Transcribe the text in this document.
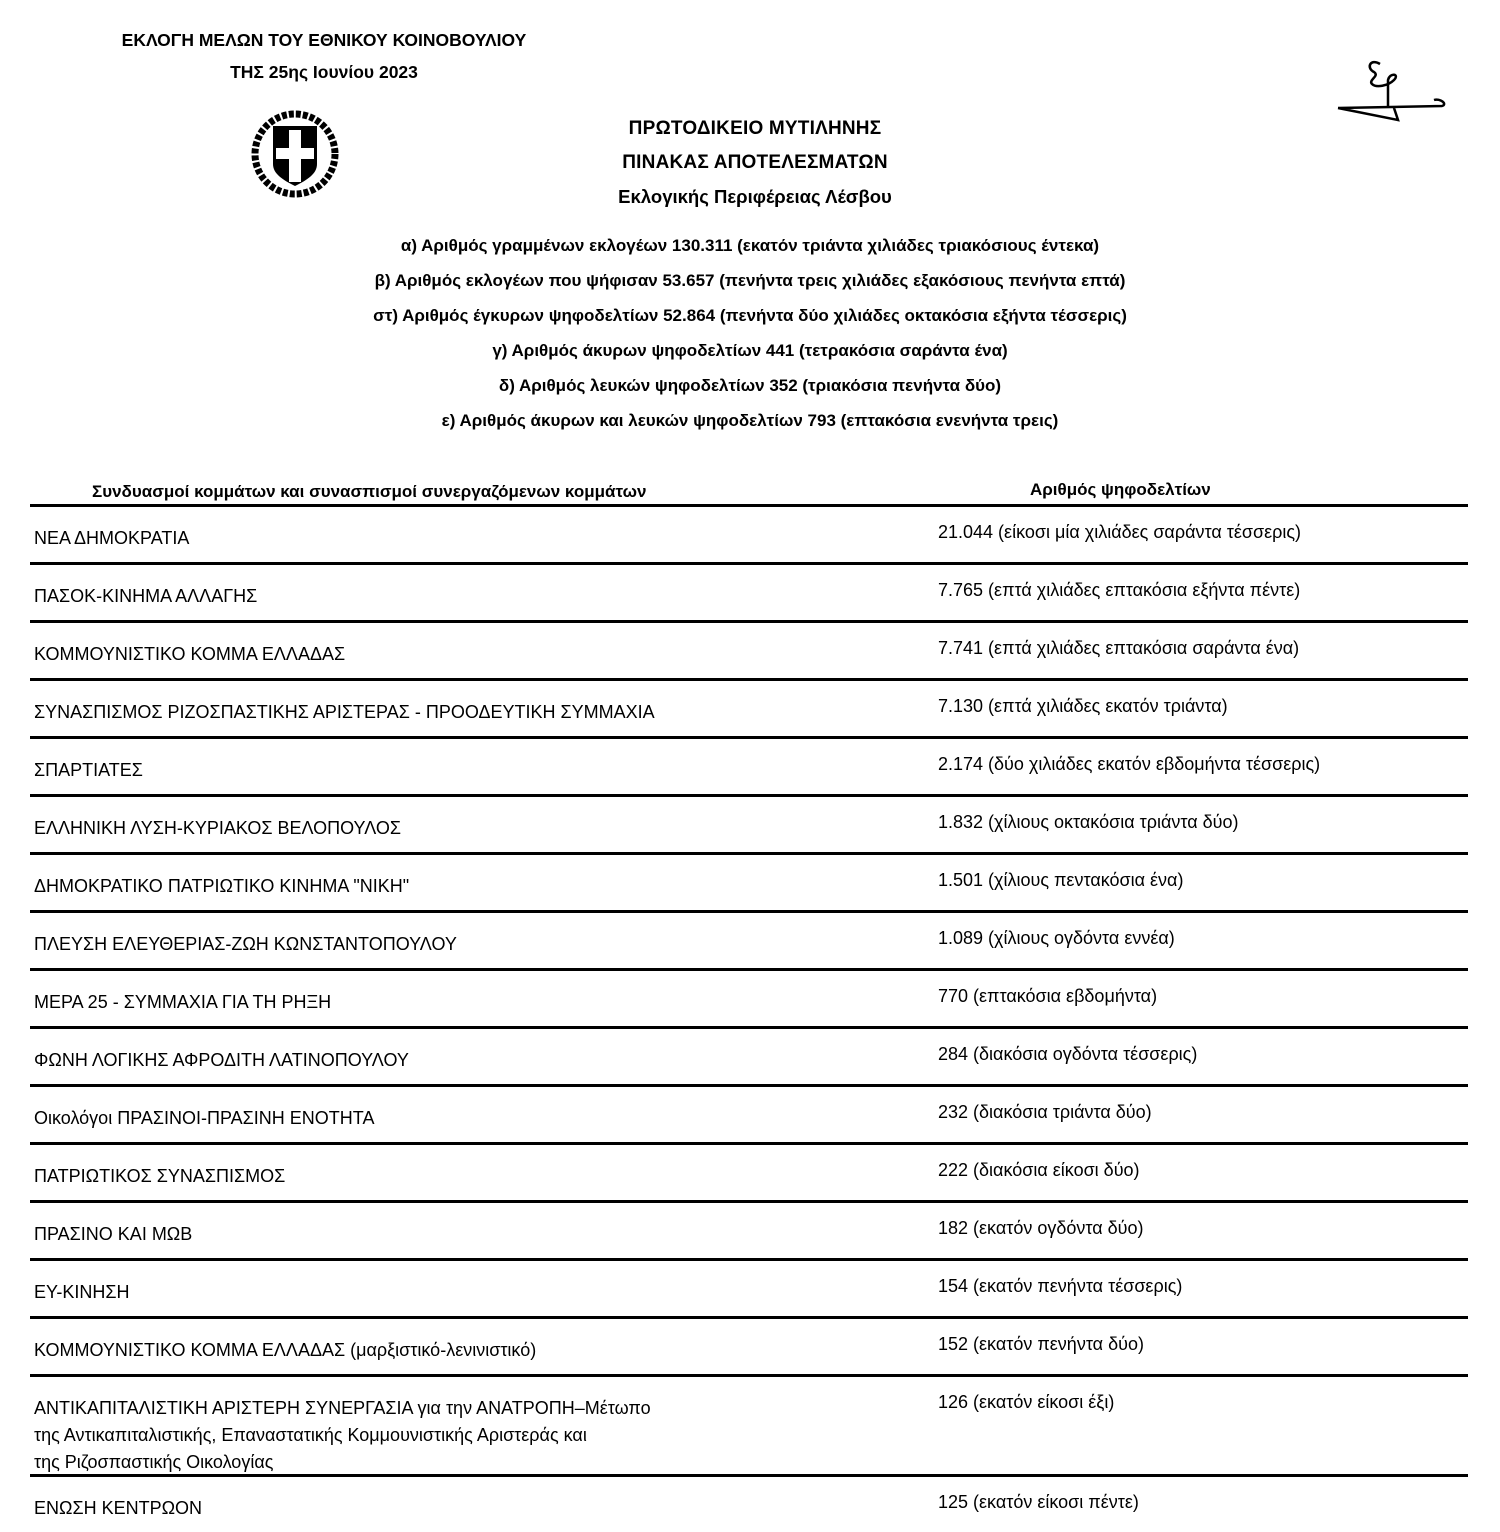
ΕΚΛΟΓΗ ΜΕΛΩΝ ΤΟΥ ΕΘΝΙΚΟΥ ΚΟΙΝΟΒΟΥΛΙΟΥ
ΤΗΣ 25ης Ιουνίου 2023
ΠΡΩΤΟΔΙΚΕΙΟ ΜΥΤΙΛΗΝΗΣ
ΠΙΝΑΚΑΣ ΑΠΟΤΕΛΕΣΜΑΤΩΝ
Εκλογικής Περιφέρειας Λέσβου
α) Αριθμός γραμμένων εκλογέων 130.311 (εκατόν τριάντα χιλιάδες τριακόσιους έντεκα)
β) Αριθμός εκλογέων που ψήφισαν 53.657 (πενήντα τρεις χιλιάδες εξακόσιους πενήντα επτά)
στ) Αριθμός έγκυρων ψηφοδελτίων 52.864 (πενήντα δύο χιλιάδες οκτακόσια εξήντα τέσσερις)
γ) Αριθμός άκυρων ψηφοδελτίων 441 (τετρακόσια σαράντα ένα)
δ) Αριθμός λευκών ψηφοδελτίων 352 (τριακόσια πενήντα δύο)
ε) Αριθμός άκυρων και λευκών ψηφοδελτίων 793 (επτακόσια ενενήντα τρεις)
Συνδυασμοί κομμάτων και συνασπισμοί συνεργαζόμενων κομμάτων	Αριθμός ψηφοδελτίων
ΝΕΑ ΔΗΜΟΚΡΑΤΙΑ	21.044 (είκοσι μία χιλιάδες σαράντα τέσσερις)
ΠΑΣΟΚ-ΚΙΝΗΜΑ ΑΛΛΑΓΗΣ	7.765 (επτά χιλιάδες επτακόσια εξήντα πέντε)
ΚΟΜΜΟΥΝΙΣΤΙΚΟ ΚΟΜΜΑ ΕΛΛΑΔΑΣ	7.741 (επτά χιλιάδες επτακόσια σαράντα ένα)
ΣΥΝΑΣΠΙΣΜΟΣ ΡΙΖΟΣΠΑΣΤΙΚΗΣ ΑΡΙΣΤΕΡΑΣ - ΠΡΟΟΔΕΥΤΙΚΗ ΣΥΜΜΑΧΙΑ	7.130 (επτά χιλιάδες εκατόν τριάντα)
ΣΠΑΡΤΙΑΤΕΣ	2.174 (δύο χιλιάδες εκατόν εβδομήντα τέσσερις)
ΕΛΛΗΝΙΚΗ ΛΥΣΗ-ΚΥΡΙΑΚΟΣ ΒΕΛΟΠΟΥΛΟΣ	1.832 (χίλιους οκτακόσια τριάντα δύο)
ΔΗΜΟΚΡΑΤΙΚΟ ΠΑΤΡΙΩΤΙΚΟ ΚΙΝΗΜΑ "ΝΙΚΗ"	1.501 (χίλιους πεντακόσια ένα)
ΠΛΕΥΣΗ ΕΛΕΥΘΕΡΙΑΣ-ΖΩΗ ΚΩΝΣΤΑΝΤΟΠΟΥΛΟΥ	1.089 (χίλιους ογδόντα εννέα)
ΜΕΡΑ 25 - ΣΥΜΜΑΧΙΑ ΓΙΑ ΤΗ ΡΗΞΗ	770 (επτακόσια εβδομήντα)
ΦΩΝΗ ΛΟΓΙΚΗΣ ΑΦΡΟΔΙΤΗ ΛΑΤΙΝΟΠΟΥΛΟΥ	284 (διακόσια ογδόντα τέσσερις)
Οικολόγοι ΠΡΑΣΙΝΟΙ-ΠΡΑΣΙΝΗ ΕΝΟΤΗΤΑ	232 (διακόσια τριάντα δύο)
ΠΑΤΡΙΩΤΙΚΟΣ ΣΥΝΑΣΠΙΣΜΟΣ	222 (διακόσια είκοσι δύο)
ΠΡΑΣΙΝΟ ΚΑΙ ΜΩΒ	182 (εκατόν ογδόντα δύο)
ΕΥ-ΚΙΝΗΣΗ	154 (εκατόν πενήντα τέσσερις)
ΚΟΜΜΟΥΝΙΣΤΙΚΟ ΚΟΜΜΑ ΕΛΛΑΔΑΣ (μαρξιστικό-λενινιστικό)	152 (εκατόν πενήντα δύο)
ΑΝΤΙΚΑΠΙΤΑΛΙΣΤΙΚΗ ΑΡΙΣΤΕΡΗ ΣΥΝΕΡΓΑΣΙΑ για την ΑΝΑΤΡΟΠΗ–Μέτωπο
της Αντικαπιταλιστικής, Επαναστατικής Κομμουνιστικής Αριστεράς και
της Ριζοσπαστικής Οικολογίας
126 (εκατόν είκοσι έξι)
ΕΝΩΣΗ ΚΕΝΤΡΩΟΝ	125 (εκατόν είκοσι πέντε)
